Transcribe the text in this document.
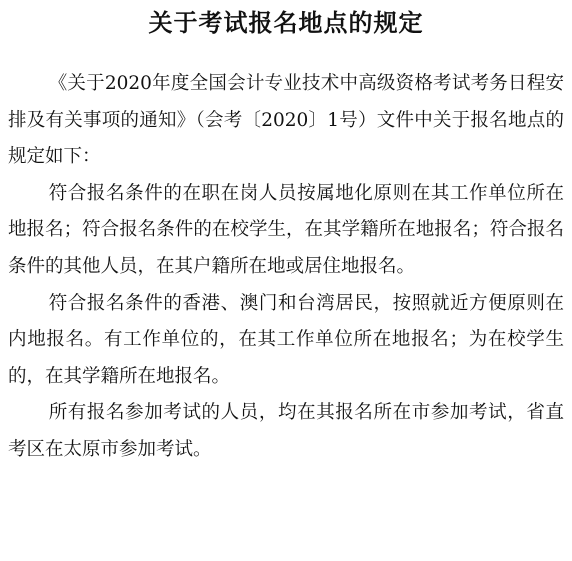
关于考试报名地点的规定

《关于2020年度全国会计专业技术中高级资格考试考务日程安排及有关事项的通知》（会考〔2020〕1号）文件中关于报名地点的规定如下：

符合报名条件的在职在岗人员按属地化原则在其工作单位所在地报名；符合报名条件的在校学生，在其学籍所在地报名；符合报名条件的其他人员，在其户籍所在地或居住地报名。

符合报名条件的香港、澳门和台湾居民，按照就近方便原则在内地报名。有工作单位的，在其工作单位所在地报名；为在校学生的，在其学籍所在地报名。

所有报名参加考试的人员，均在其报名所在市参加考试，省直考区在太原市参加考试。
